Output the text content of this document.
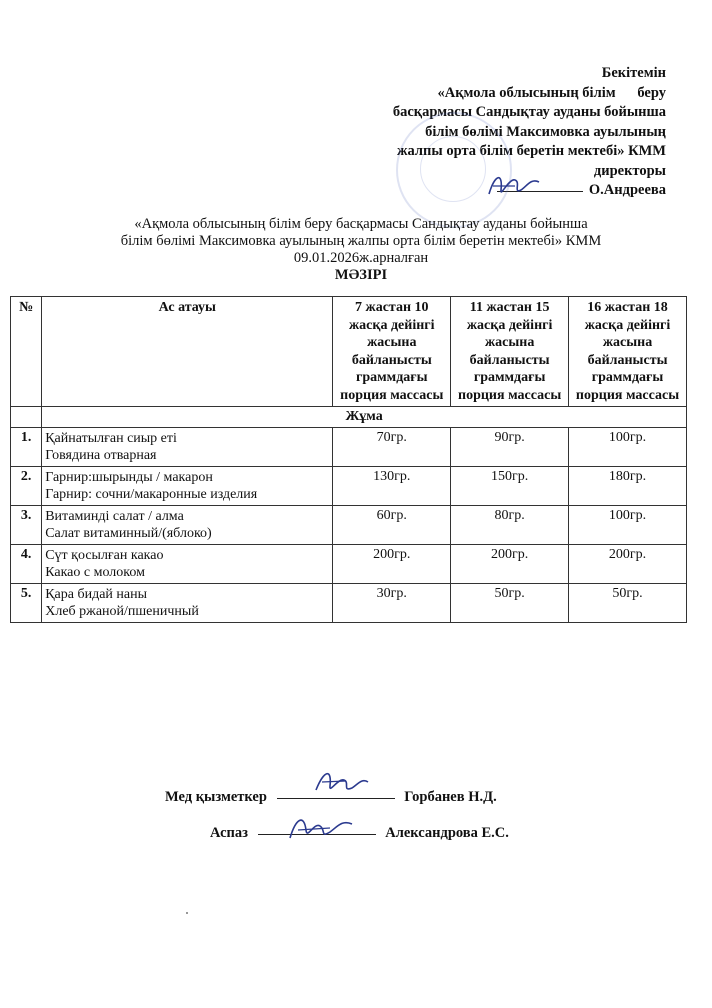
Бекітемін
«Ақмола облысының білім      беру
басқармасы Сандықтау ауданы бойынша
білім бөлімі Максимовка ауылының
жалпы орта білім беретін мектебі» КММ
директоры
О.Андреева
«Ақмола облысының білім беру басқармасы Сандықтау ауданы бойынша
білім бөлімі Максимовка ауылының жалпы орта білім беретін мектебі» КММ
09.01.2026ж.арналған
МӘЗІРІ
№	Ас атауы	7 жастан 10 жасқа дейінгі жасына байланысты граммдағы порция массасы	11 жастан 15 жасқа дейінгі жасына байланысты граммдағы порция массасы	16 жастан 18 жасқа дейінгі жасына байланысты граммдағы порция массасы
	Жұма			
1.	Қайнатылған сиыр еті
Говядина отварная	70гр.	90гр.	100гр.
2.	Гарнир:шырынды / макарон
Гарнир: сочни/макаронные изделия	130гр.	150гр.	180гр.
3.	Витаминді салат / алма
Салат витаминный/(яблоко)	60гр.	80гр.	100гр.
4.	Сүт қосылған какао
Какао с молоком	200гр.	200гр.	200гр.
5.	Қара бидай наны
Хлеб ржаной/пшеничный	30гр.	50гр.	50гр.
Мед қызметкер	Горбанев Н.Д.
Аспаз	Александрова Е.С.
